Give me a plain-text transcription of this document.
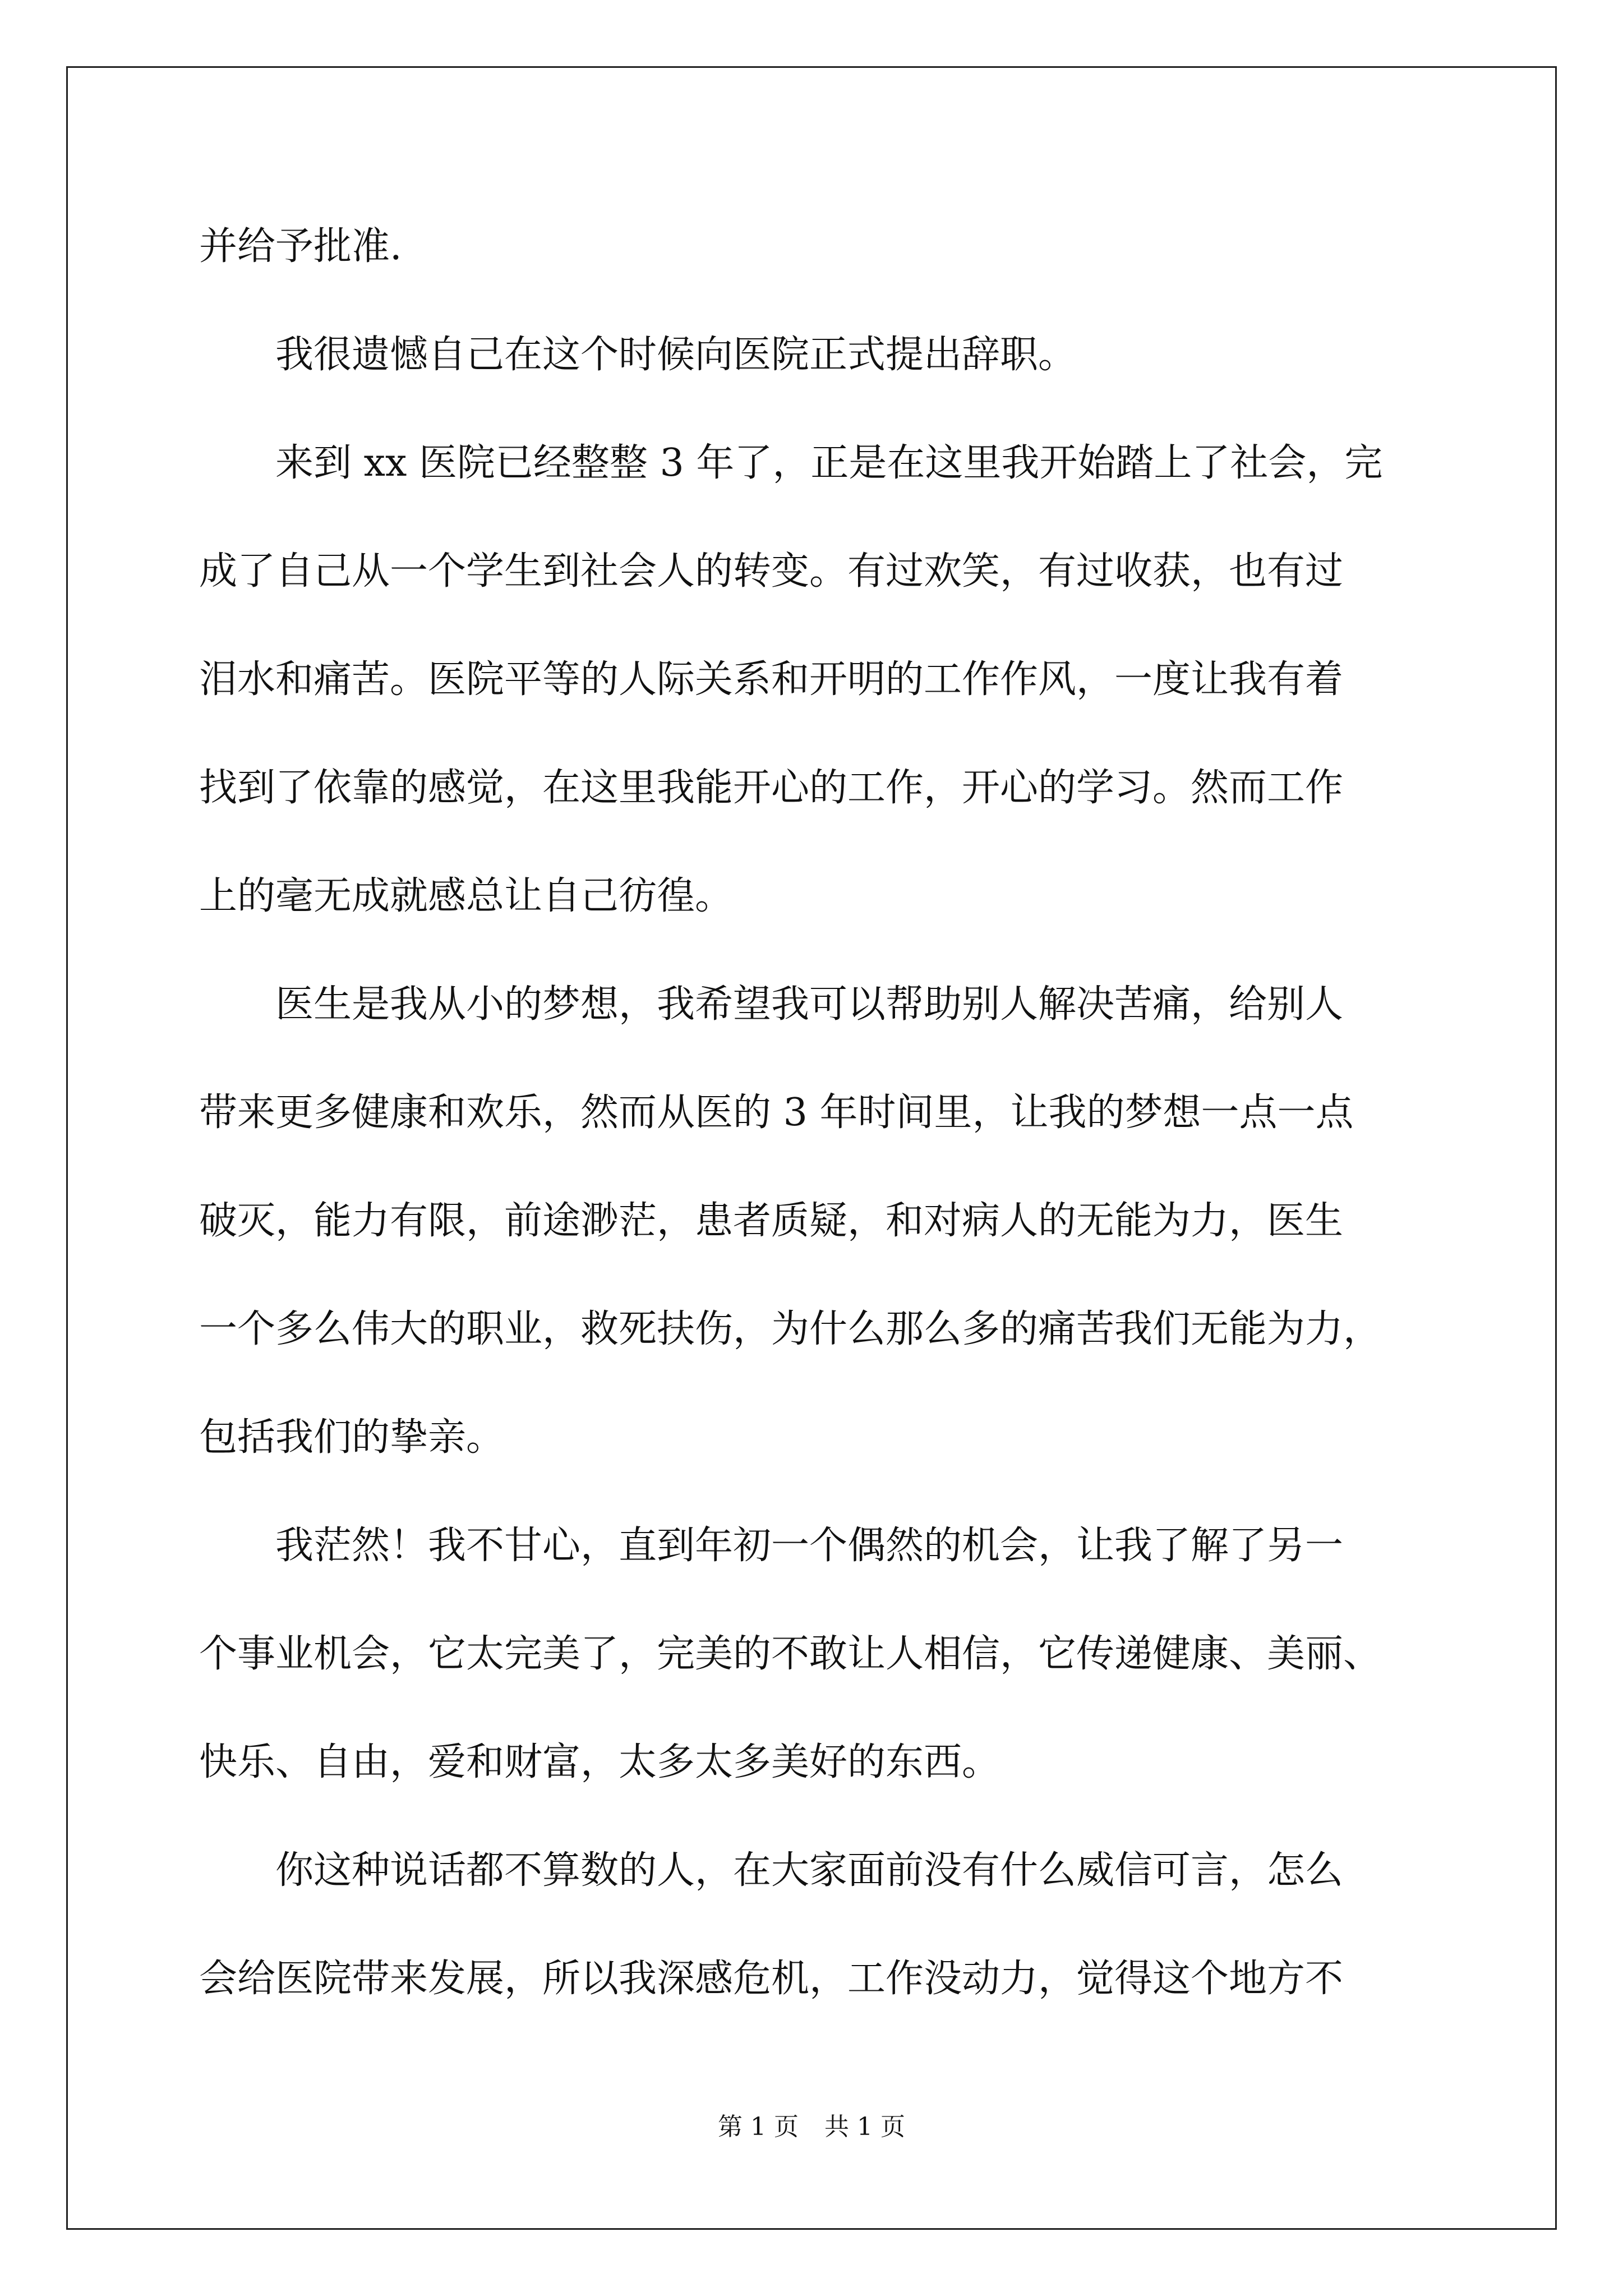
并给予批准.
　　我很遗憾自己在这个时候向医院正式提出辞职。
　　来到 xx 医院已经整整 3 年了，正是在这里我开始踏上了社会，完
成了自己从一个学生到社会人的转变。有过欢笑，有过收获，也有过
泪水和痛苦。医院平等的人际关系和开明的工作作风，一度让我有着
找到了依靠的感觉，在这里我能开心的工作，开心的学习。然而工作
上的毫无成就感总让自己彷徨。
　　医生是我从小的梦想，我希望我可以帮助别人解决苦痛，给别人
带来更多健康和欢乐，然而从医的 3 年时间里，让我的梦想一点一点
破灭，能力有限，前途渺茫，患者质疑，和对病人的无能为力，医生
一个多么伟大的职业，救死扶伤，为什么那么多的痛苦我们无能为力，
包括我们的挚亲。
　　我茫然！我不甘心，直到年初一个偶然的机会，让我了解了另一
个事业机会，它太完美了，完美的不敢让人相信，它传递健康、美丽、
快乐、自由，爱和财富，太多太多美好的东西。
　　你这种说话都不算数的人，在大家面前没有什么威信可言，怎么
会给医院带来发展，所以我深感危机，工作没动力，觉得这个地方不
第 1 页 共 1 页
